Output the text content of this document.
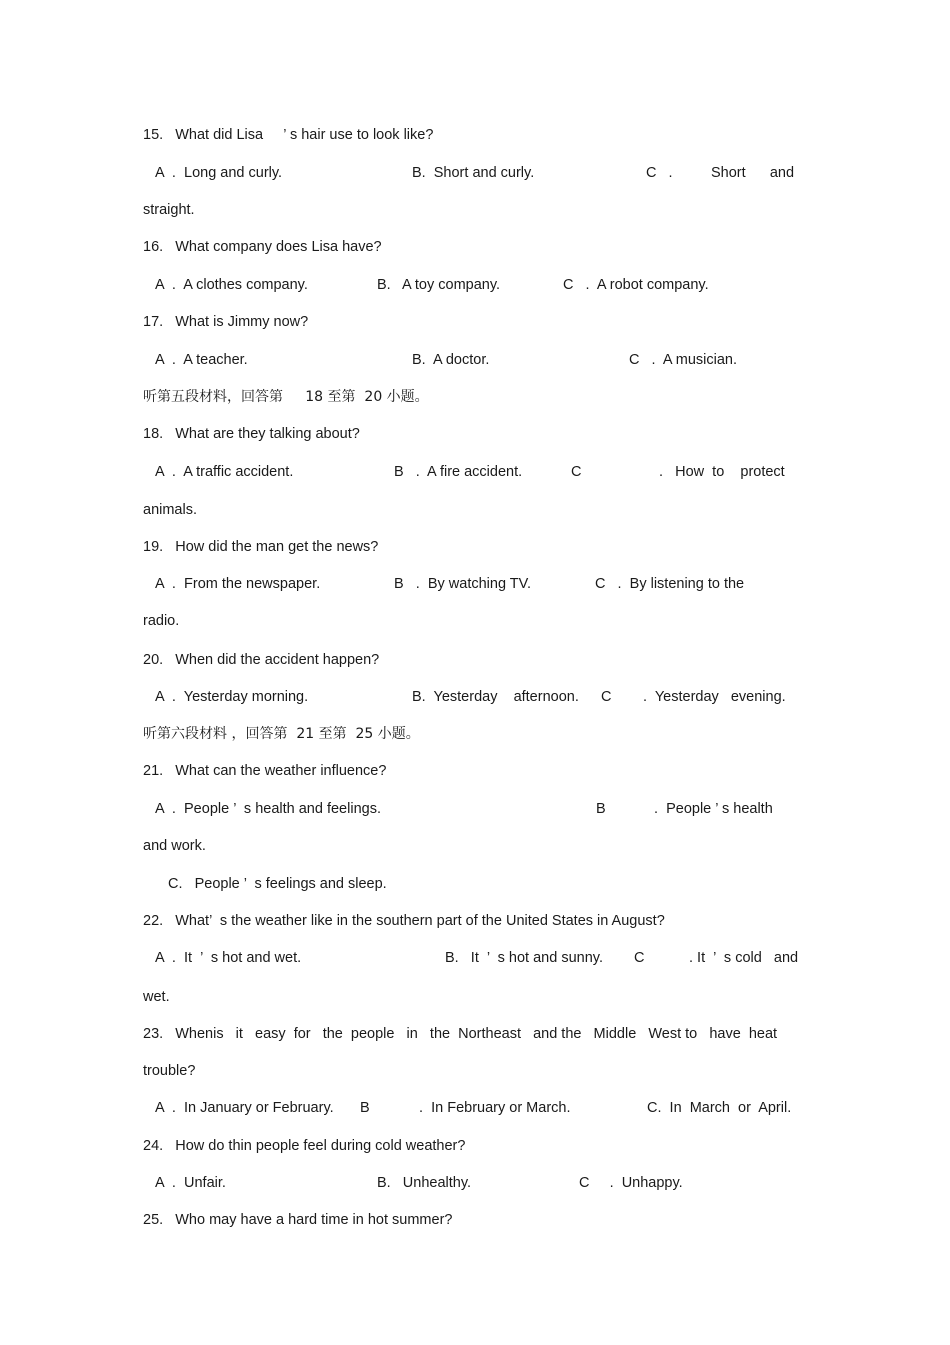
15.   What did Lisa     ’ s hair use to look like?
A  .  Long and curly.	B.  Short and curly.	C   .	Short      and
straight.
16.   What company does Lisa have?
A  .  A clothes company.	B.   A toy company.	C   .  A robot company.
17.   What is Jimmy now?
A  .  A teacher.	B.  A doctor.	C   .  A musician.
听第五段材料，回答第     18 至第  20 小题。
18.   What are they talking about?
A  .  A traffic accident.	B   .  A fire accident.	C	.   How  to    protect
animals.
19.   How did the man get the news?
A  .  From the newspaper.	B   .  By watching TV.	C   .  By listening to the
radio.
20.   When did the accident happen?
A  .  Yesterday morning.	B.  Yesterday    afternoon. C .  Yesterday   evening.
听第六段材料 ，回答第  21 至第  25 小题。
21.   What can the weather influence?
A  .  People ’  s health and feelings.	B	.  People ’ s health
and work.
C.   People ’  s feelings and sleep.
22.   What’  s the weather like in the southern part of the United States in August?
A  .  It  ’  s hot and wet.	B.   It  ’  s hot and sunny. C	. It  ’  s cold   and
wet.
23.   Whenis   it   easy  for   the  people   in   the  Northeast   and the   Middle   West to   have  heat
trouble?
A  .  In January or February. B	.  In February or March.	C.  In  March  or  April.
24.   How do thin people feel during cold weather?
A  .  Unfair.	B.   Unhealthy.	C     .  Unhappy.
25.   Who may have a hard time in hot summer?
